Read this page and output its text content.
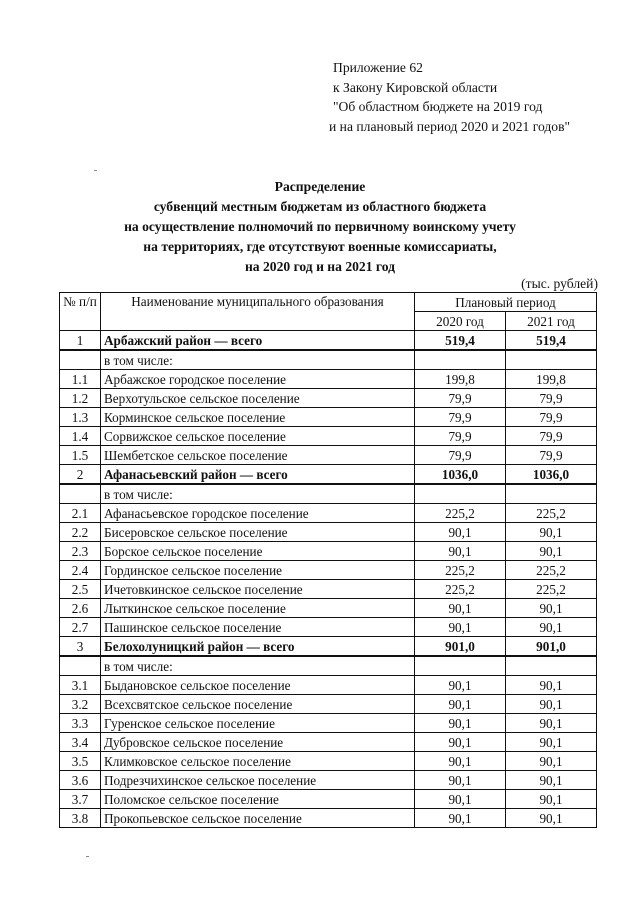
Приложение 62
к Закону Кировской области
"Об областном бюджете на 2019 год
и на плановый период 2020 и 2021 годов"
Распределение
субвенций местным бюджетам из областного бюджета
на осуществление полномочий по первичному воинскому учету
на территориях, где отсутствуют военные комиссариаты,
на 2020 год и на 2021 год
(тыс. рублей)
№ п/п	Наименование муниципального образования	Плановый период	
		2020 год	2021 год
1	Арбажский район — всего	519,4	519,4
	в том числе:		
1.1	Арбажское городское поселение	199,8	199,8
1.2	Верхотульское сельское поселение	79,9	79,9
1.3	Корминское сельское поселение	79,9	79,9
1.4	Сорвижское сельское поселение	79,9	79,9
1.5	Шембетское сельское поселение	79,9	79,9
2	Афанасьевский район — всего	1036,0	1036,0
	в том числе:		
2.1	Афанасьевское городское поселение	225,2	225,2
2.2	Бисеровское сельское поселение	90,1	90,1
2.3	Борское сельское поселение	90,1	90,1
2.4	Гординское сельское поселение	225,2	225,2
2.5	Ичетовкинское сельское поселение	225,2	225,2
2.6	Лыткинское сельское поселение	90,1	90,1
2.7	Пашинское сельское поселение	90,1	90,1
3	Белохолуницкий район — всего	901,0	901,0
	в том числе:		
3.1	Быдановское сельское поселение	90,1	90,1
3.2	Всехсвятское сельское поселение	90,1	90,1
3.3	Гуренское сельское поселение	90,1	90,1
3.4	Дубровское сельское поселение	90,1	90,1
3.5	Климковское сельское поселение	90,1	90,1
3.6	Подрезчихинское сельское поселение	90,1	90,1
3.7	Поломское сельское поселение	90,1	90,1
3.8	Прокопьевское сельское поселение	90,1	90,1
